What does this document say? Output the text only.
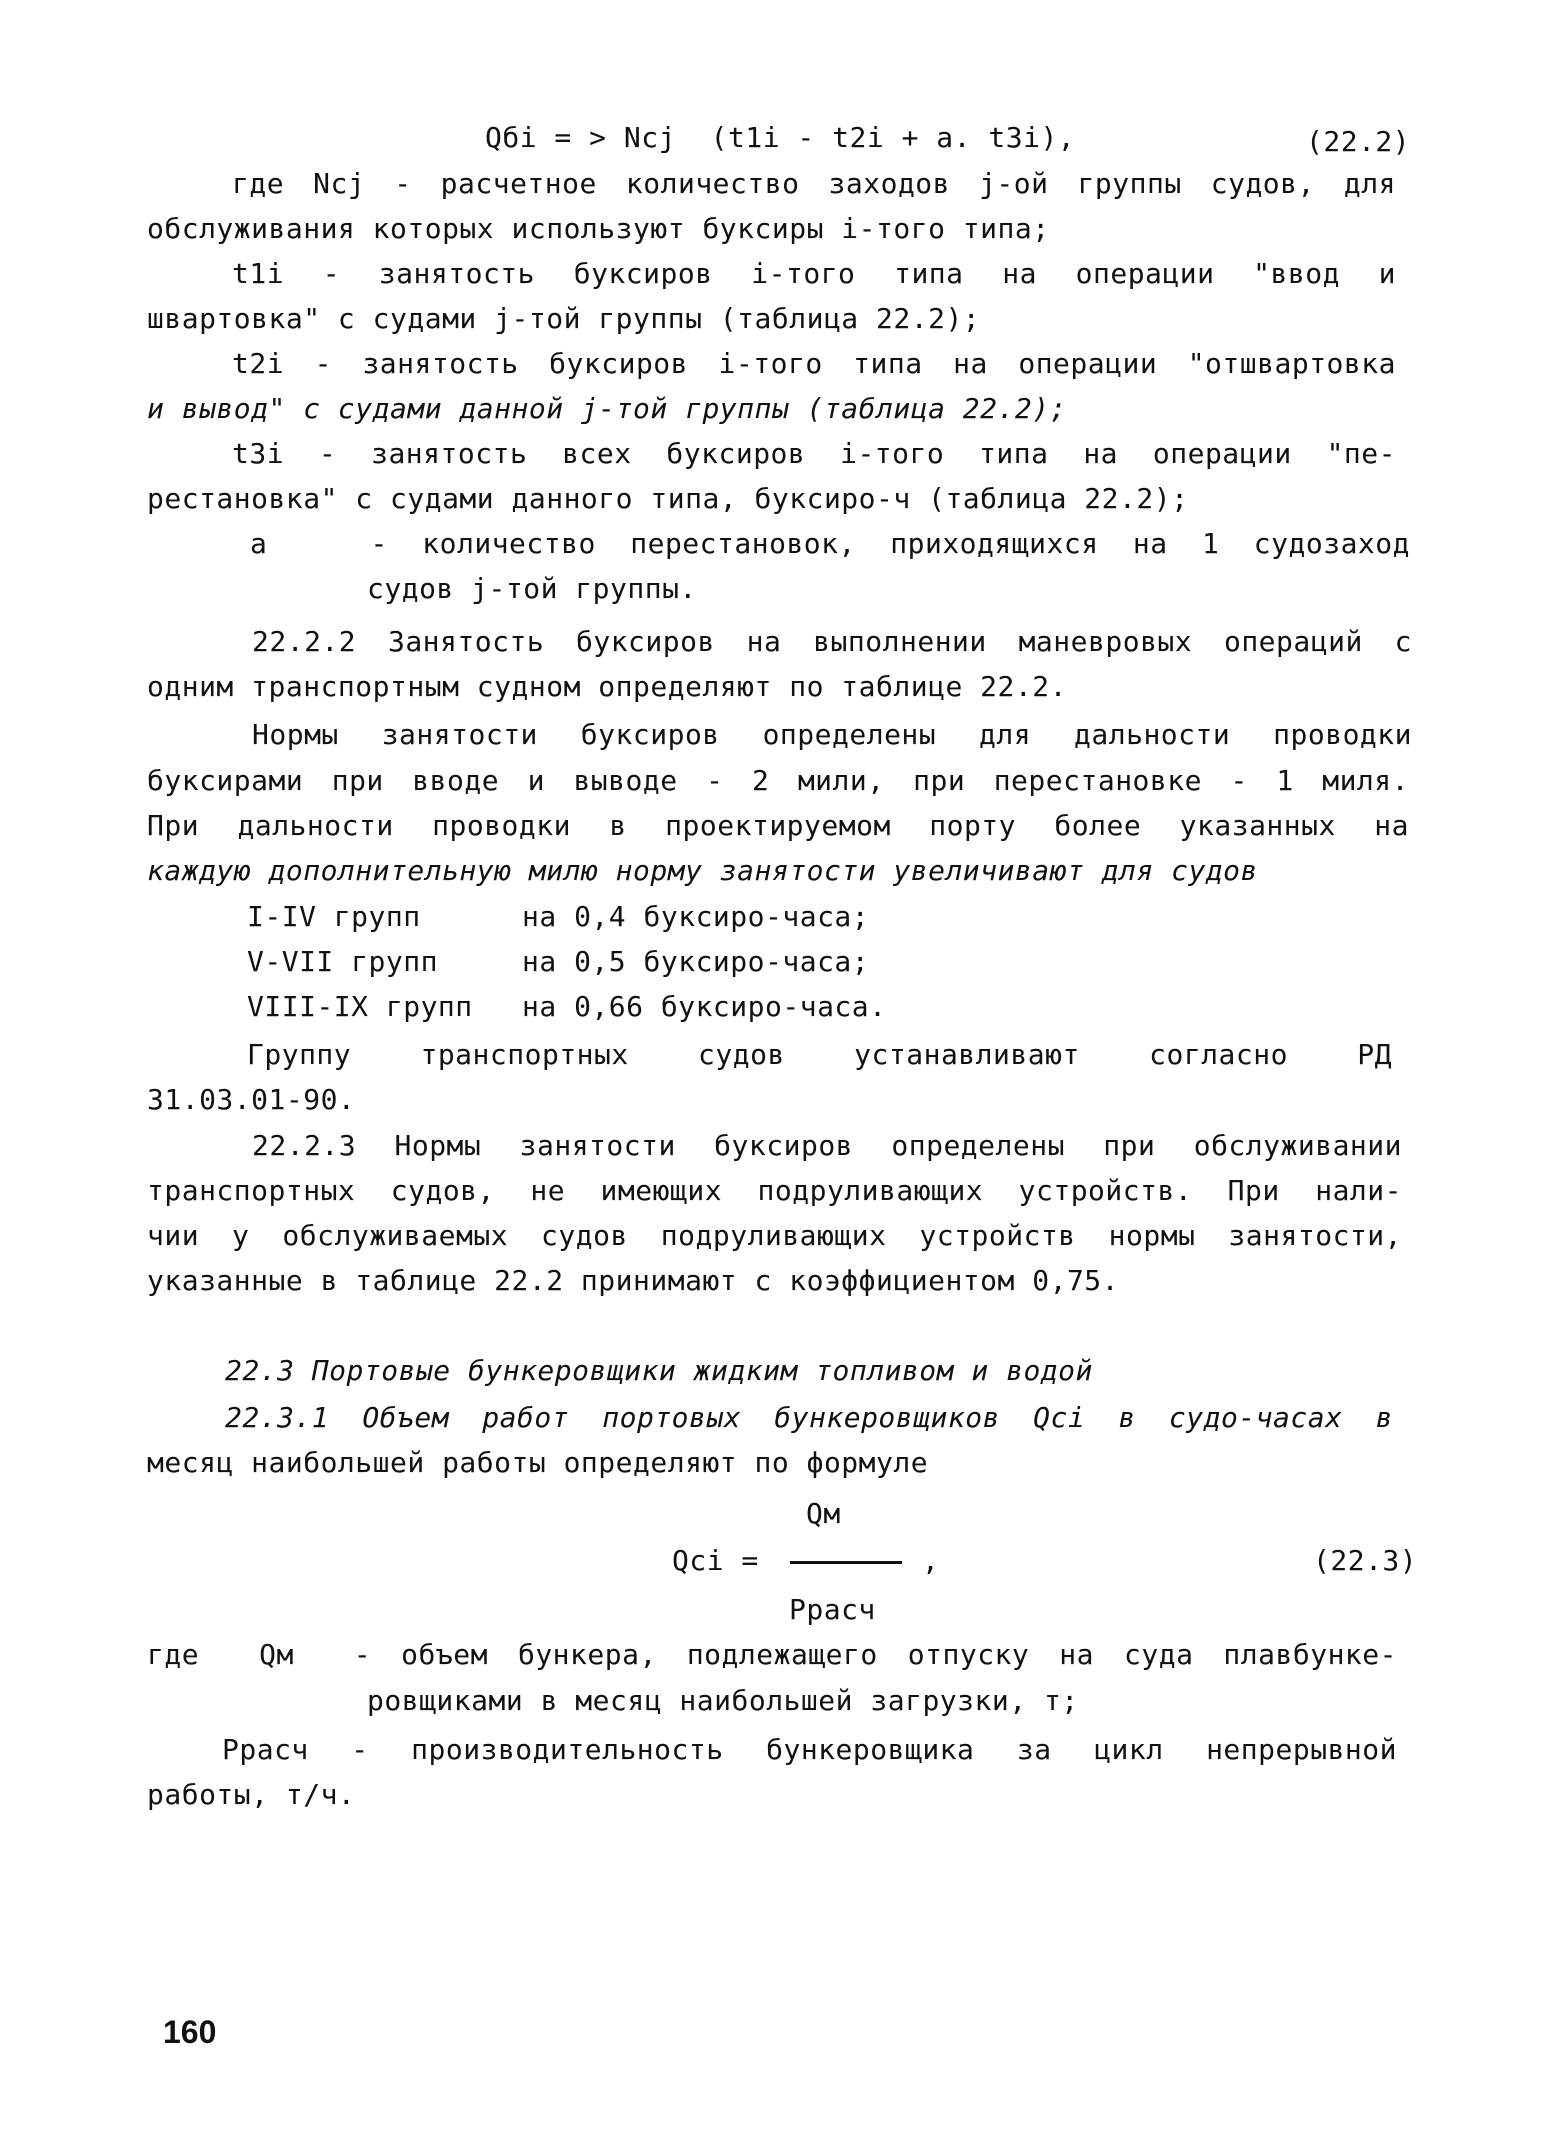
Qбi = > Ncj  (t1i - t2i + a. t3i),	(22.2)
где Ncj - расчетное количество заходов j-ой группы судов, для
обслуживания которых используют буксиры i-того типа;
t1i - занятость буксиров i-того типа на операции "ввод и
швартовка" с судами j-той группы (таблица 22.2);
t2i - занятость буксиров i-того типа на операции "отшвартовка
и вывод" с судами данной j-той группы (таблица 22.2);
t3i - занятость всех буксиров i-того типа на операции "пе-
рестановка" с судами данного типа, буксиро-ч (таблица 22.2);
a   - количество перестановок, приходящихся на 1 судозаход
судов j-той группы.
22.2.2 Занятость буксиров на выполнении маневровых операций с
одним транспортным судном определяют по таблице 22.2.
Нормы занятости буксиров определены для дальности проводки
буксирами при вводе и выводе - 2 мили, при перестановке - 1 миля.
При дальности проводки в проектируемом порту более указанных на
каждую дополнительную милю норму занятости увеличивают для судов
I-IV групп	на 0,4 буксиро-часа;
V-VII групп	на 0,5 буксиро-часа;
VIII-IX групп на 0,66 буксиро-часа.
Группу транспортных судов устанавливают согласно РД
31.03.01-90.
22.2.3 Нормы занятости буксиров определены при обслуживании
транспортных судов, не имеющих подруливающих устройств. При нали-
чии у обслуживаемых судов подруливающих устройств нормы занятости,
указанные в таблице 22.2 принимают с коэффициентом 0,75.
22.3 Портовые бункеровщики жидким топливом и водой
22.3.1 Объем работ портовых бункеровщиков Qci в судо-часах в
месяц наибольшей работы определяют по формуле
Qм
Qci =	,	(22.3)
Ррасч
где  Qм  - объем бункера, подлежащего отпуску на суда плавбунке-
ровщиками в месяц наибольшей загрузки, т;
Ррасч - производительность бункеровщика за цикл непрерывной
работы, т/ч.
160
